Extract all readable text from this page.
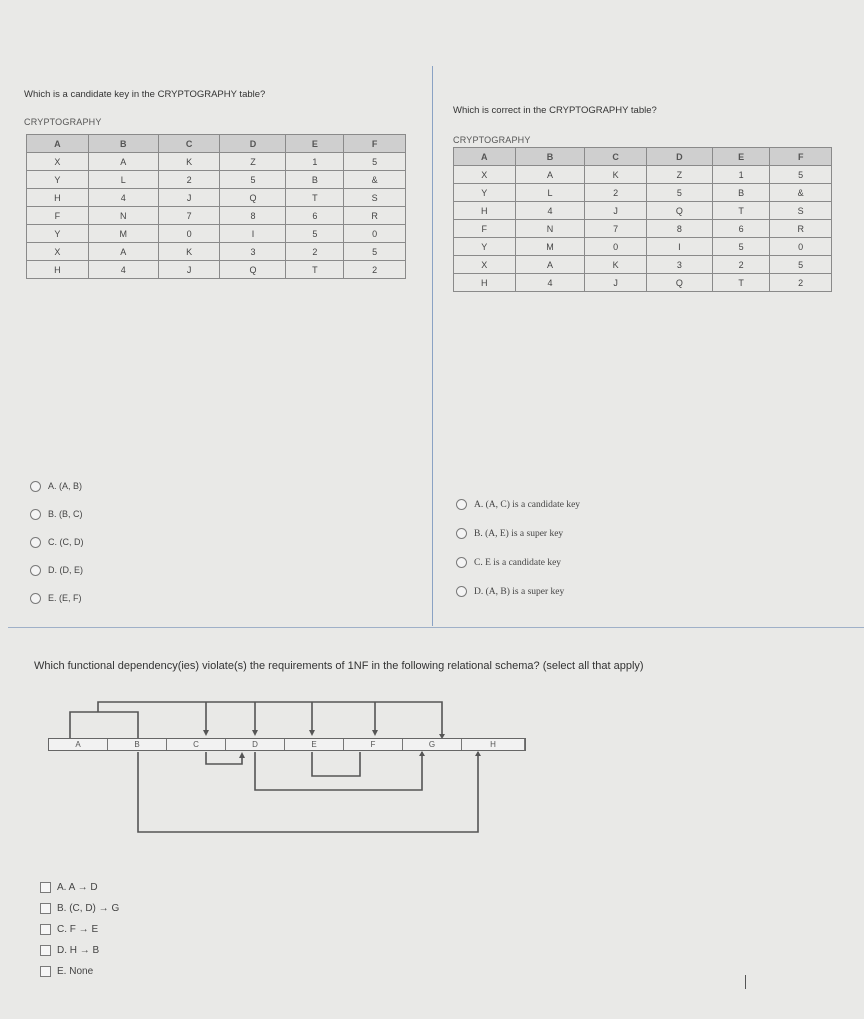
Which is a candidate key in the CRYPTOGRAPHY table?
CRYPTOGRAPHY
A	B	C	D	E	F
X	A	K	Z	1	5
Y	L	2	5	B	&
H	4	J	Q	T	S
F	N	7	8	6	R
Y	M	0	I	5	0
X	A	K	3	2	5
H	4	J	Q	T	2
A. (A, B)
B. (B, C)
C. (C, D)
D. (D, E)
E. (E, F)
Which is correct in the CRYPTOGRAPHY table?
CRYPTOGRAPHY
A	B	C	D	E	F
X	A	K	Z	1	5
Y	L	2	5	B	&
H	4	J	Q	T	S
F	N	7	8	6	R
Y	M	0	I	5	0
X	A	K	3	2	5
H	4	J	Q	T	2
A. (A, C) is a candidate key
B. (A, E) is a super key
C. E is a candidate key
D. (A, B) is a super key
Which functional dependency(ies) violate(s) the requirements of 1NF in the following relational schema? (select all that apply)
A	B	C	D	E	F	G	H
A. A → D
B. (C, D) → G
C. F → E
D. H → B
E. None
